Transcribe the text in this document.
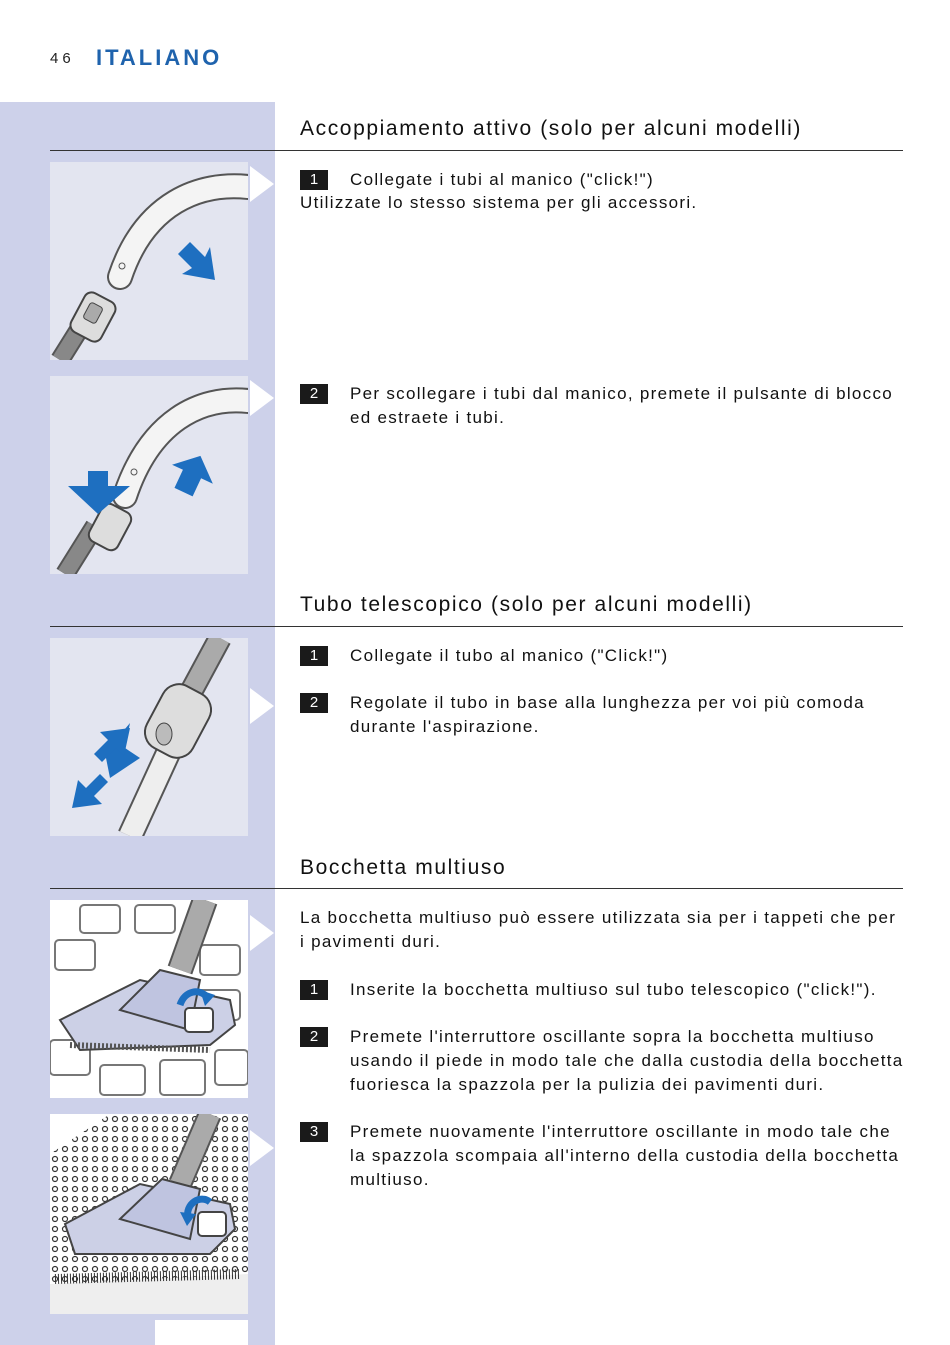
46 ITALIANO
Accoppiamento attivo (solo per alcuni modelli)
1	Collegate i tubi al manico ("click!")
Utilizzate lo stesso sistema per gli accessori.
2	Per scollegare i tubi dal manico, premete il pulsante di blocco ed estraete i tubi.
Tubo telescopico (solo per alcuni modelli)
1	Collegate il tubo al manico ("Click!")
2	Regolate il tubo in base alla lunghezza per voi più comoda durante l'aspirazione.
Bocchetta multiuso
La bocchetta multiuso può essere utilizzata sia per i tappeti che per i pavimenti duri.
1	Inserite la bocchetta multiuso sul tubo telescopico ("click!").
2	Premete l'interruttore oscillante sopra la bocchetta multiuso usando il piede in modo tale che dalla custodia della bocchetta fuoriesca la spazzola per la pulizia dei pavimenti duri.
3	Premete nuovamente l'interruttore oscillante in modo tale che la spazzola scompaia all'interno della custodia della bocchetta multiuso.
